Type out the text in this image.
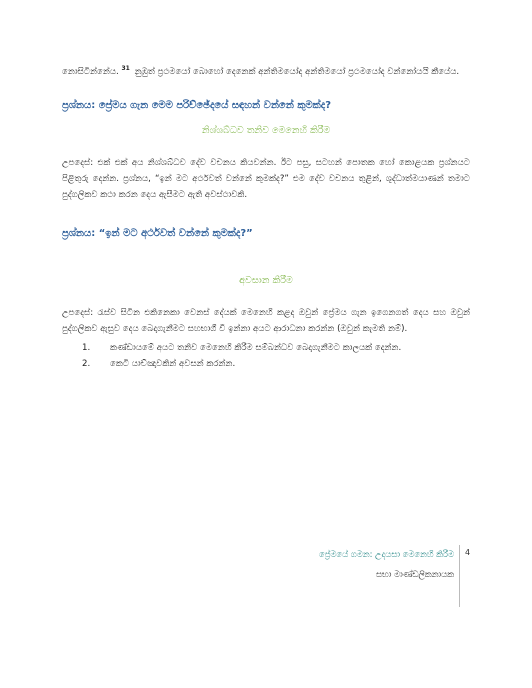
නොසිටින්නේය. $^{31}$ නුඹුත් ප්‍රථමයෝ බොහෝ දෙනෙක් අන්තිමයෝද අන්තිමයෝ ප්‍රථමයෝද වන්නෝයයි කීයේය.
ප්‍රශ්නය: ප්‍රේමය ගැන මෙම පරිච්ඡේදයේ සඳහන් වන්නේ කුමක්ද?
නිශ්ශබ්ධව තනිව මෙනෙහි කිරීම
උපදෙස්: එක් එක් අය නිශ්ශබ්ධව දේව වචනය කියවන්න. ඊට පසු, සටහන් පොතක හෝ කොළයක ප්‍රශ්නයට පිළිතුරු දෙන්න. ප්‍රශ්නය, “ඉන් මට අර්ථවත් වන්නේ කුමක්ද?” එම දේව වචනය තුළින්, ශුද්ධාත්මයාණන් තමාට පුද්ගලිකව කථා කරන දෙය ඇසීමට ඇති අවස්ථාවකි.
ප්‍රශ්නය: “ඉන් මට අර්ථවත් වන්නේ කුමක්ද?”
අවසාන කිරීම
උපදෙස්: රැස්ව සිටින එකිනෙකා වෙනස් දේයක් මෙනෙහි කළද ඔවුන් ප්‍රේමය ගැන ඉගෙනගත් දෙය සහ ඔවුන් පුද්ගලිකව ඇසුව දෙය බෙදාගැනීමට සහභාගී වී ඉන්නා අයට ආරාධනා කරන්න (ඔවුන් කැමති නම්).
1.	කණ්ඩායමේ අයට තනිව මෙනෙහි කිරීම සම්බන්ධව බෙදාගැනීමට කාලයක් දෙන්න.
2.	කෙටි යාච්ඤාවකින් අවසන් කරන්න.
ප්‍රේමයේ ගමන: උදයසා මෙනෙහි කිරීම
සභා මාණ්ඩලිකනායක
4
